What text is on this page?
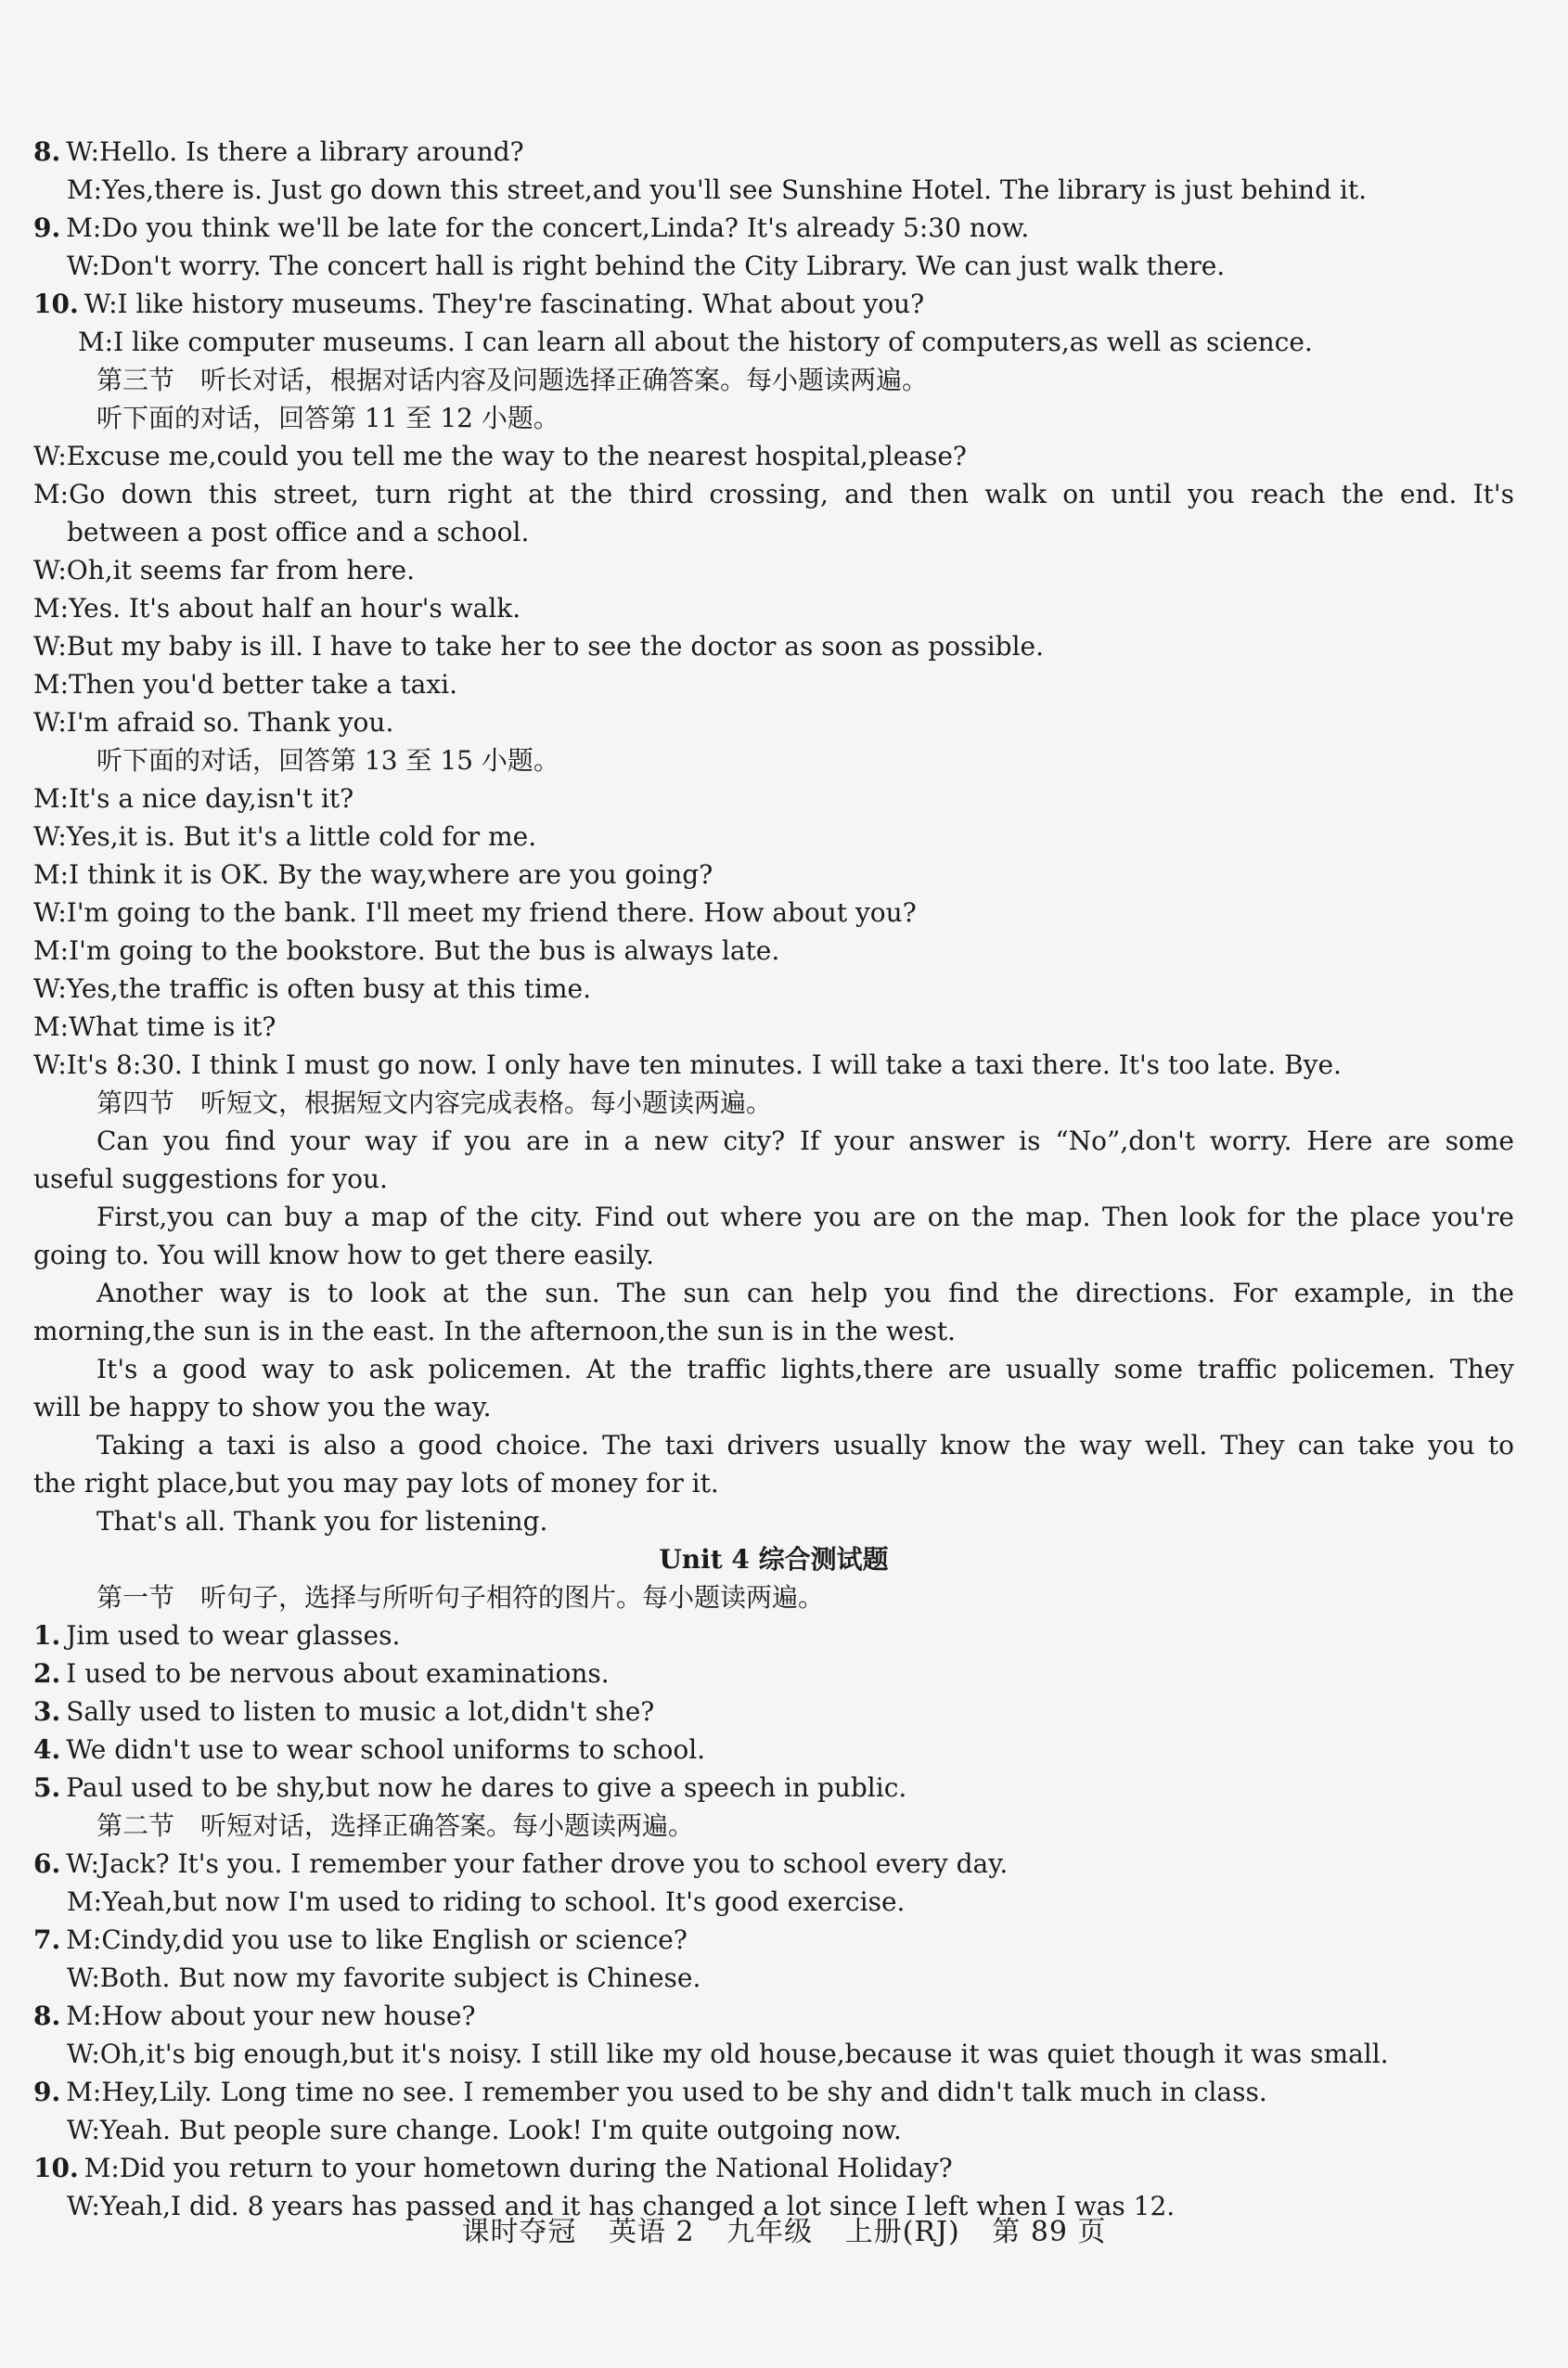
8. W:Hello. Is there a library around?
M:Yes,there is. Just go down this street,and you'll see Sunshine Hotel. The library is just behind it.
9. M:Do you think we'll be late for the concert,Linda? It's already 5:30 now.
W:Don't worry. The concert hall is right behind the City Library. We can just walk there.
10. W:I like history museums. They're fascinating. What about you?
M:I like computer museums. I can learn all about the history of computers,as well as science.
第三节　听长对话，根据对话内容及问题选择正确答案。每小题读两遍。
听下面的对话，回答第 11 至 12 小题。
W:Excuse me,could you tell me the way to the nearest hospital,please?
M:Go down this street, turn right at the third crossing, and then walk on until you reach the end. It's
between a post office and a school.
W:Oh,it seems far from here.
M:Yes. It's about half an hour's walk.
W:But my baby is ill. I have to take her to see the doctor as soon as possible.
M:Then you'd better take a taxi.
W:I'm afraid so. Thank you.
听下面的对话，回答第 13 至 15 小题。
M:It's a nice day,isn't it?
W:Yes,it is. But it's a little cold for me.
M:I think it is OK. By the way,where are you going?
W:I'm going to the bank. I'll meet my friend there. How about you?
M:I'm going to the bookstore. But the bus is always late.
W:Yes,the traffic is often busy at this time.
M:What time is it?
W:It's 8:30. I think I must go now. I only have ten minutes. I will take a taxi there. It's too late. Bye.
第四节　听短文，根据短文内容完成表格。每小题读两遍。
Can you find your way if you are in a new city? If your answer is “No”,don't worry. Here are some
useful suggestions for you.
First,you can buy a map of the city. Find out where you are on the map. Then look for the place you're
going to. You will know how to get there easily.
Another way is to look at the sun. The sun can help you find the directions. For example, in the
morning,the sun is in the east. In the afternoon,the sun is in the west.
It's a good way to ask policemen. At the traffic lights,there are usually some traffic policemen. They
will be happy to show you the way.
Taking a taxi is also a good choice. The taxi drivers usually know the way well. They can take you to
the right place,but you may pay lots of money for it.
That's all. Thank you for listening.
Unit 4 综合测试题
第一节　听句子，选择与所听句子相符的图片。每小题读两遍。
1. Jim used to wear glasses.
2. I used to be nervous about examinations.
3. Sally used to listen to music a lot,didn't she?
4. We didn't use to wear school uniforms to school.
5. Paul used to be shy,but now he dares to give a speech in public.
第二节　听短对话，选择正确答案。每小题读两遍。
6. W:Jack? It's you. I remember your father drove you to school every day.
M:Yeah,but now I'm used to riding to school. It's good exercise.
7. M:Cindy,did you use to like English or science?
W:Both. But now my favorite subject is Chinese.
8. M:How about your new house?
W:Oh,it's big enough,but it's noisy. I still like my old house,because it was quiet though it was small.
9. M:Hey,Lily. Long time no see. I remember you used to be shy and didn't talk much in class.
W:Yeah. But people sure change. Look! I'm quite outgoing now.
10. M:Did you return to your hometown during the National Holiday?
W:Yeah,I did. 8 years has passed and it has changed a lot since I left when I was 12.
课时夺冠 英语 2 九年级 上册(RJ) 第 89 页
